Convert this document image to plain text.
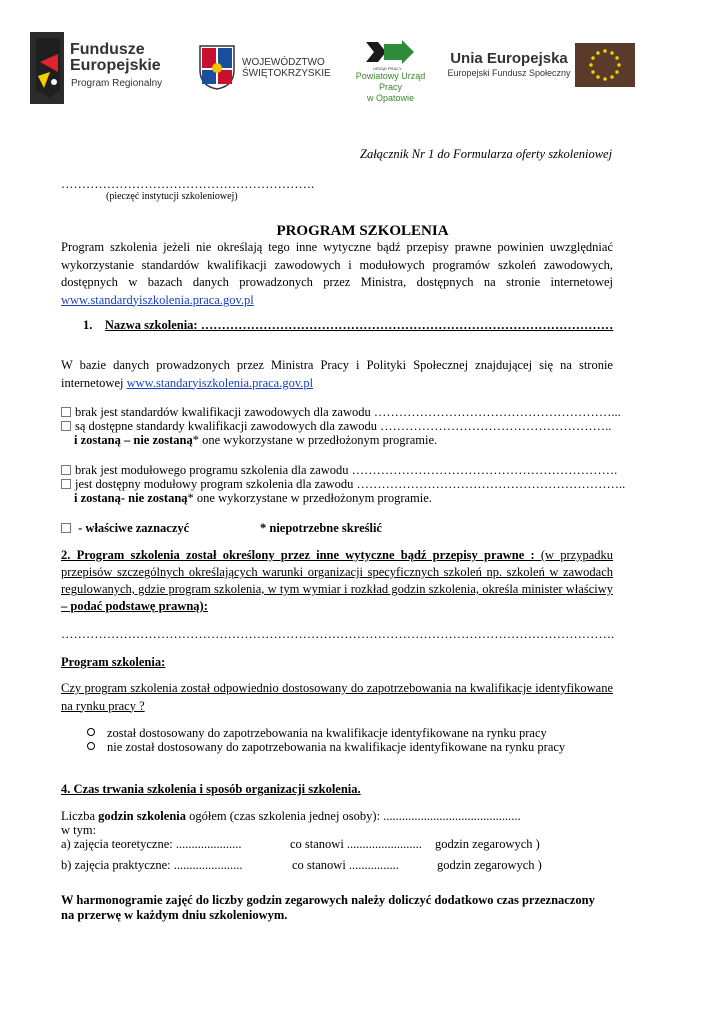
Fundusze
Europejskie
Program Regionalny
WOJEWÓDZTWO
ŚWIĘTOKRZYSKIE	URZĄD PRACY
Powiatowy Urząd Pracy
w Opatowie
Unia Europejska
Europejski Fundusz Społeczny
Załącznik Nr 1 do Formularza oferty szkoleniowej
…………………………………………………….
(pieczęć instytucji szkoleniowej)
PROGRAM SZKOLENIA
Program szkolenia jeżeli nie określają tego inne wytyczne bądź przepisy prawne powinien uwzględniać wykorzystanie standardów kwalifikacji zawodowych i modułowych programów szkoleń zawodowych, dostępnych w bazach danych prowadzonych przez Ministra, dostępnych na stronie internetowej www.standardyiszkolenia.praca.gov.pl
1. Nazwa szkolenia: ………………………………………………………………………………………
W bazie danych prowadzonych przez Ministra Pracy i Polityki Społecznej znajdującej się na stronie internetowej www.standaryiszkolenia.praca.gov.pl
brak jest standardów kwalifikacji zawodowych dla zawodu …………………………………………………...
są dostępne standardy kwalifikacji zawodowych dla zawodu ………………………………………………..
i zostaną – nie zostaną* one wykorzystane w przedłożonym programie.
brak jest modułowego programu szkolenia dla zawodu ……………………………………………………….
jest dostępny modułowy program szkolenia dla zawodu ………………………………………………………..
i zostaną- nie zostaną* one wykorzystane w przedłożonym programie.
- właściwe zaznaczyć	* niepotrzebne skreślić
2. Program szkolenia został określony przez inne wytyczne bądź przepisy prawne : (w przypadku przepisów szczególnych określających warunki organizacji specyficznych szkoleń np. szkoleń w zawodach regulowanych, gdzie program szkolenia, w tym wymiar i rozkład godzin szkolenia, określa minister właściwy – podać podstawę prawną):
…………………………………………………………………………………………………………………….
Program szkolenia:
Czy program szkolenia został odpowiednio dostosowany do zapotrzebowania na kwalifikacje identyfikowane na rynku pracy ?
został dostosowany do zapotrzebowania na kwalifikacje identyfikowane na rynku pracy
nie został dostosowany do zapotrzebowania na kwalifikacje identyfikowane na rynku pracy
4. Czas trwania szkolenia i sposób organizacji szkolenia.
Liczba godzin szkolenia ogółem (czas szkolenia jednej osoby): ............................................
w tym:
a) zajęcia teoretyczne: .....................	co stanowi ........................ godzin zegarowych )
b) zajęcia praktyczne: ......................	co stanowi ................	godzin zegarowych )
W harmonogramie zajęć do liczby godzin zegarowych należy doliczyć dodatkowo czas przeznaczony na przerwę w każdym dniu szkoleniowym.
